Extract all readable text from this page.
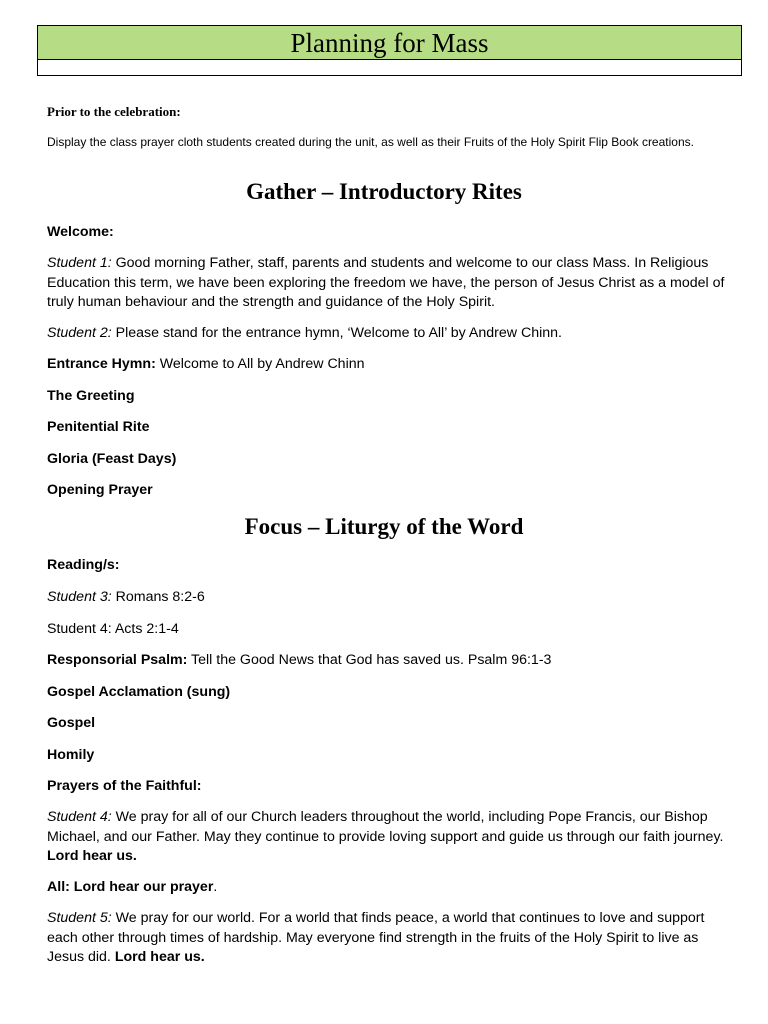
Planning for Mass
Prior to the celebration:
Display the class prayer cloth students created during the unit, as well as their Fruits of the Holy Spirit Flip Book creations.
Gather – Introductory Rites

Welcome:

Student 1: Good morning Father, staff, parents and students and welcome to our class Mass. In Religious Education this term, we have been exploring the freedom we have, the person of Jesus Christ as a model of truly human behaviour and the strength and guidance of the Holy Spirit.

Student 2: Please stand for the entrance hymn, ‘Welcome to All’ by Andrew Chinn.

Entrance Hymn: Welcome to All by Andrew Chinn

The Greeting

Penitential Rite

Gloria (Feast Days)

Opening Prayer

Focus – Liturgy of the Word

Reading/s:

Student 3: Romans 8:2-6

Student 4: Acts 2:1-4

Responsorial Psalm: Tell the Good News that God has saved us. Psalm 96:1-3

Gospel Acclamation (sung)

Gospel

Homily

Prayers of the Faithful:

Student 4: We pray for all of our Church leaders throughout the world, including Pope Francis, our Bishop Michael, and our Father. May they continue to provide loving support and guide us through our faith journey. Lord hear us.

All: Lord hear our prayer.

Student 5: We pray for our world. For a world that finds peace, a world that continues to love and support each other through times of hardship. May everyone find strength in the fruits of the Holy Spirit to live as Jesus did. Lord hear us.
